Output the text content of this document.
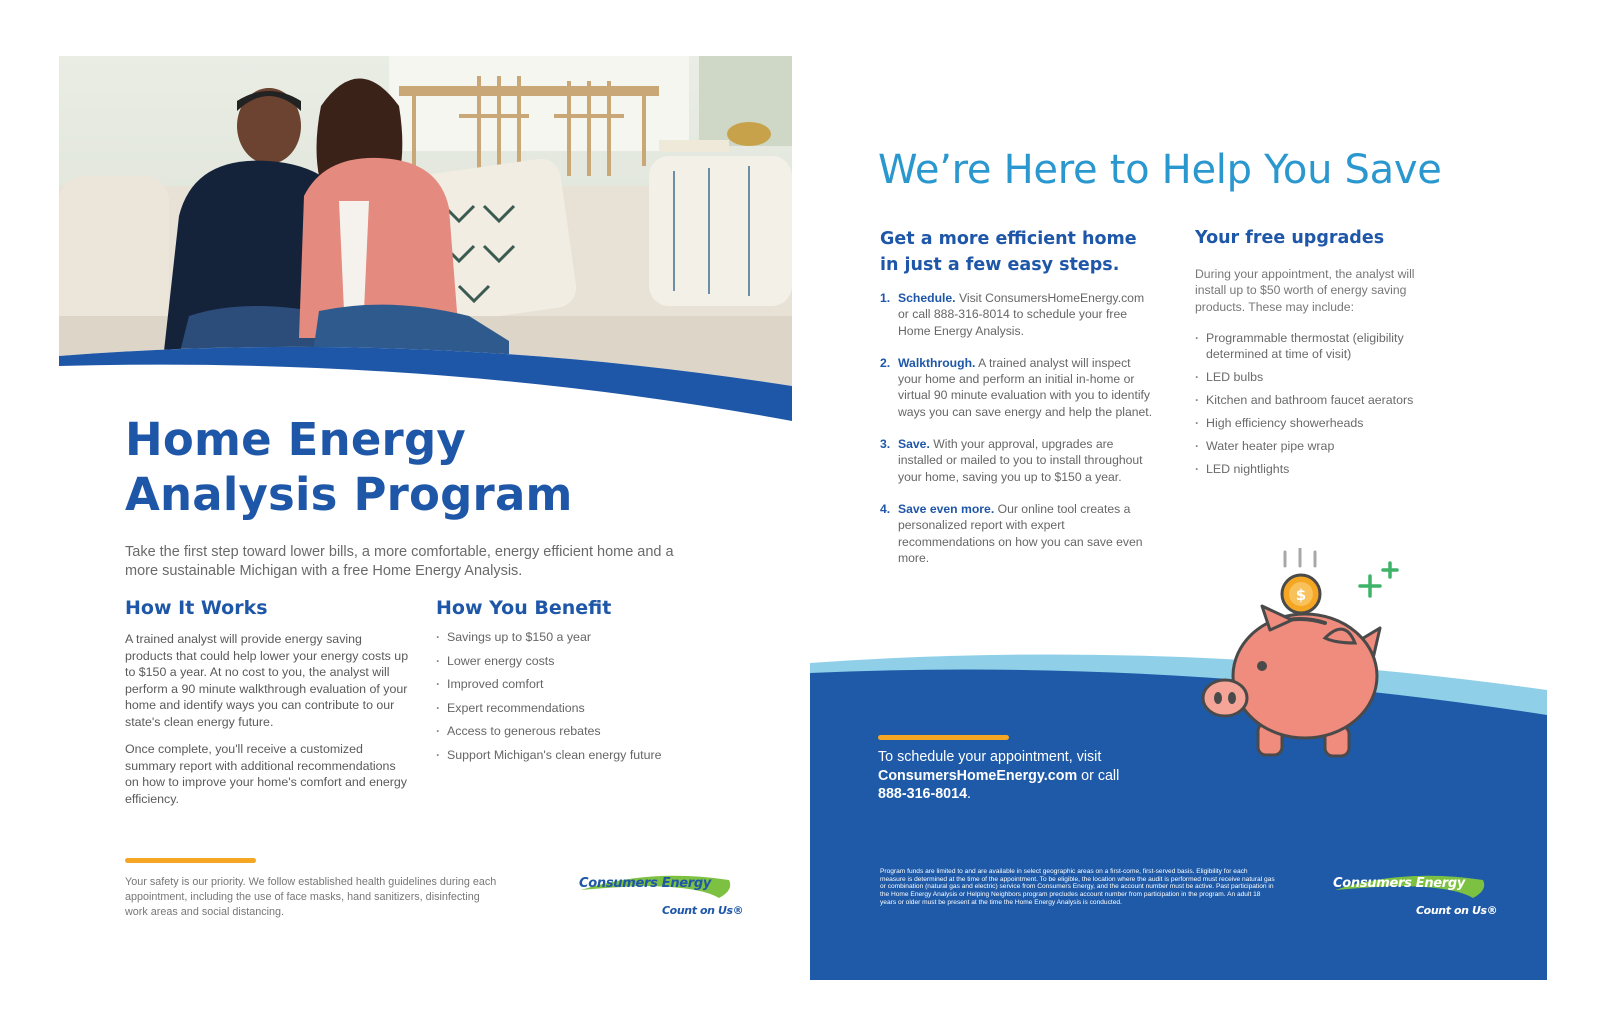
Home Energy
Analysis Program

Take the first step toward lower bills, a more comfortable, energy efficient home and a more sustainable Michigan with a free Home Energy Analysis.

How It Works

A trained analyst will provide energy saving products that could help lower your energy costs up to $150 a year. At no cost to you, the analyst will perform a 90 minute walkthrough evaluation of your home and identify ways you can contribute to our state's clean energy future.

Once complete, you'll receive a customized summary report with additional recommendations on how to improve your home's comfort and energy efficiency.

How You Benefit
· Savings up to $150 a year
· Lower energy costs
· Improved comfort
· Expert recommendations
· Access to generous rebates
· Support Michigan's clean energy future

Your safety is our priority. We follow established health guidelines during each appointment, including the use of face masks, hand sanitizers, disinfecting work areas and social distancing.

Consumers Energy
Count on Us®
We’re Here to Help You Save
Get a more efficient home
in just a few easy steps.
1. Schedule. Visit ConsumersHomeEnergy.com or call 888-316-8014 to schedule your free Home Energy Analysis.
2. Walkthrough. A trained analyst will inspect your home and perform an initial in-home or virtual 90 minute evaluation with you to identify ways you can save energy and help the planet.
3. Save. With your approval, upgrades are installed or mailed to you to install throughout your home, saving you up to $150 a year.
4. Save even more. Our online tool creates a personalized report with expert recommendations on how you can save even more.
Your free upgrades

During your appointment, the analyst will install up to $50 worth of energy saving products. These may include:

· Programmable thermostat (eligibility determined at time of visit)
· LED bulbs
· Kitchen and bathroom faucet aerators
· High efficiency showerheads
· Water heater pipe wrap
· LED nightlights

To schedule your appointment, visit
ConsumersHomeEnergy.com or call
888-316-8014.

Program funds are limited to and are available in select geographic areas on a first-come, first-served basis. Eligibility for each measure is determined at the time of the appointment. To be eligible, the location where the audit is performed must receive natural gas or combination (natural gas and electric) service from Consumers Energy, and the account number must be active. Past participation in the Home Energy Analysis or Helping Neighbors program precludes account number from participation in the program. An adult 18 years or older must be present at the time the Home Energy Analysis is conducted.

Consumers Energy
Count on Us®
$
